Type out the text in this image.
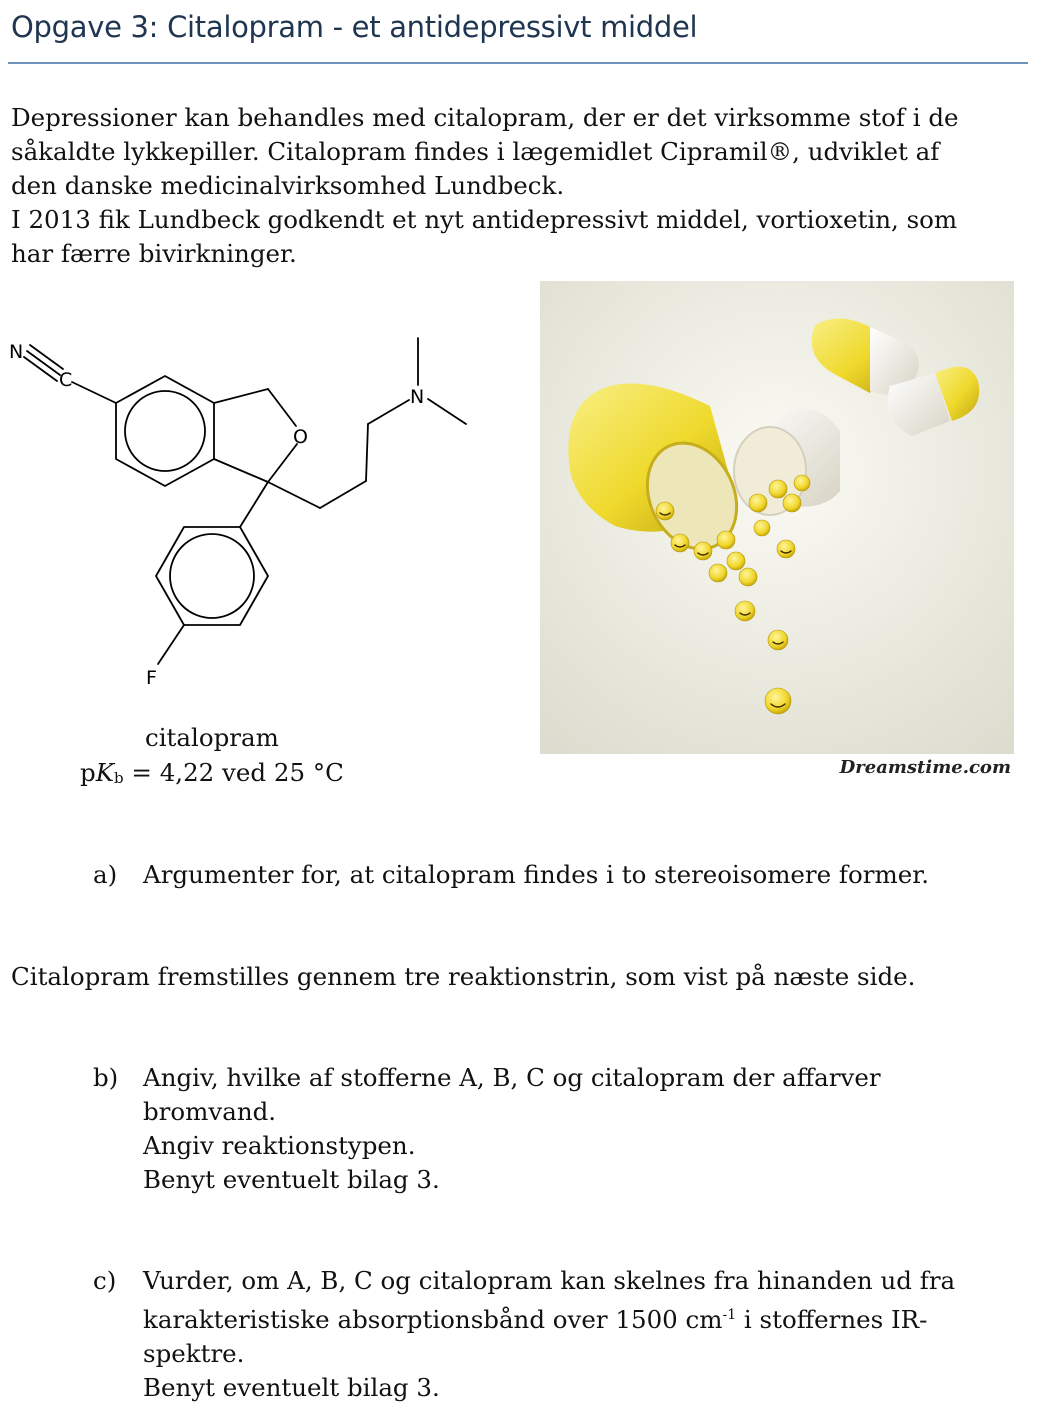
Opgave 3: Citalopram - et antidepressivt middel

Depressioner kan behandles med citalopram, der er det virksomme stof i de

såkaldte lykkepiller. Citalopram findes i lægemidlet Cipramil®, udviklet af

den danske medicinalvirksomhed Lundbeck.

I 2013 fik Lundbeck godkendt et nyt antidepressivt middel, vortioxetin, som

har færre bivirkninger.

N
C
O
N
F
citalopram
pKb = 4,22 ved 25 °C	Dreamstime.com
a) Argumenter for, at citalopram findes i to stereoisomere former.
Citalopram fremstilles gennem tre reaktionstrin, som vist på næste side.
b) Angiv, hvilke af stofferne A, B, C og citalopram der affarver
bromvand.
Angiv reaktionstypen.
Benyt eventuelt bilag 3.
c) Vurder, om A, B, C og citalopram kan skelnes fra hinanden ud fra
karakteristiske absorptionsbånd over 1500 $cm^{-1}$ i stoffernes IR-
spektre.
Benyt eventuelt bilag 3.
